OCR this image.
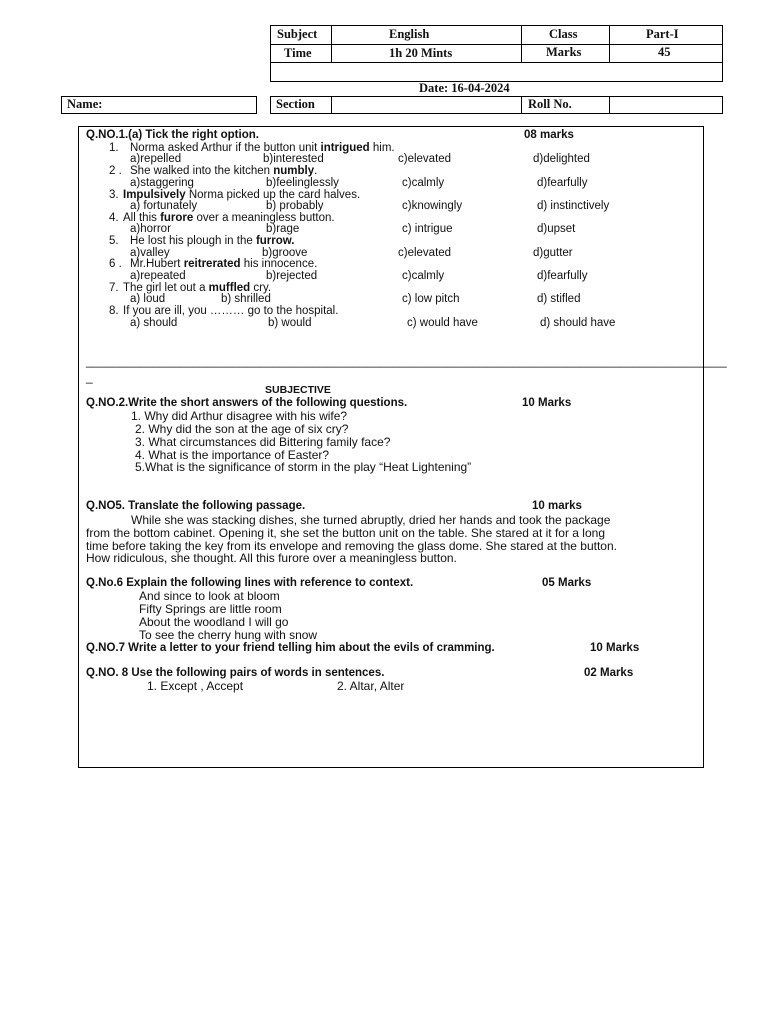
Subject	English	Class	Part-I
Time	1h 20 Mints	Marks	45
Date: 16-04-2024
Name:	Section	Roll No.
Q.NO.1.(a) Tick the right option.	08 marks
1. Norma asked Arthur if the button unit intrigued him.
a)repelled	b)interested	c)elevated	d)delighted
2 . She walked into the kitchen numbly.
a)staggering	b)feelinglessly	c)calmly	d)fearfully
3. Impulsively Norma picked up the card halves.
a) fortunately	b) probably	c)knowingly	d) instinctively
4. All this furore over a meaningless button.
a)horror	b)rage	c) intrigue	d)upset
5. He lost his plough in the furrow.
a)valley	b)groove	c)elevated	d)gutter
6 . Mr.Hubert reitrerated his innocence.
a)repeated	b)rejected	c)calmly	d)fearfully
7. The girl let out a muffled cry.
a) loud	b) shrilled	c) low pitch	d) stifled
8. If you are ill, you ……… go to the hospital.
a) should	b) would	c) would have	d) should have
________________________________________________________________________________________________
_
SUBJECTIVE
Q.NO.2.Write the short answers of the following questions.	10 Marks
1. Why did Arthur disagree with his wife?
2. Why did the son at the age of six cry?
3. What circumstances did Bittering family face?
4. What is the importance of Easter?
5.What is the significance of storm in the play “Heat Lightening”
Q.NO5. Translate the following passage.	10 marks
While she was stacking dishes, she turned abruptly, dried her hands and took the package
from the bottom cabinet. Opening it, she set the button unit on the table. She stared at it for a long
time before taking the key from its envelope and removing the glass dome. She stared at the button.
How ridiculous, she thought. All this furore over a meaningless button.
Q.No.6 Explain the following lines with reference to context.	05 Marks
And since to look at bloom
Fifty Springs are little room
About the woodland I will go
To see the cherry hung with snow
Q.NO.7 Write a letter to your friend telling him about the evils of cramming.	10 Marks
Q.NO. 8 Use the following pairs of words in sentences.	02 Marks
1. Except , Accept	2. Altar, Alter
